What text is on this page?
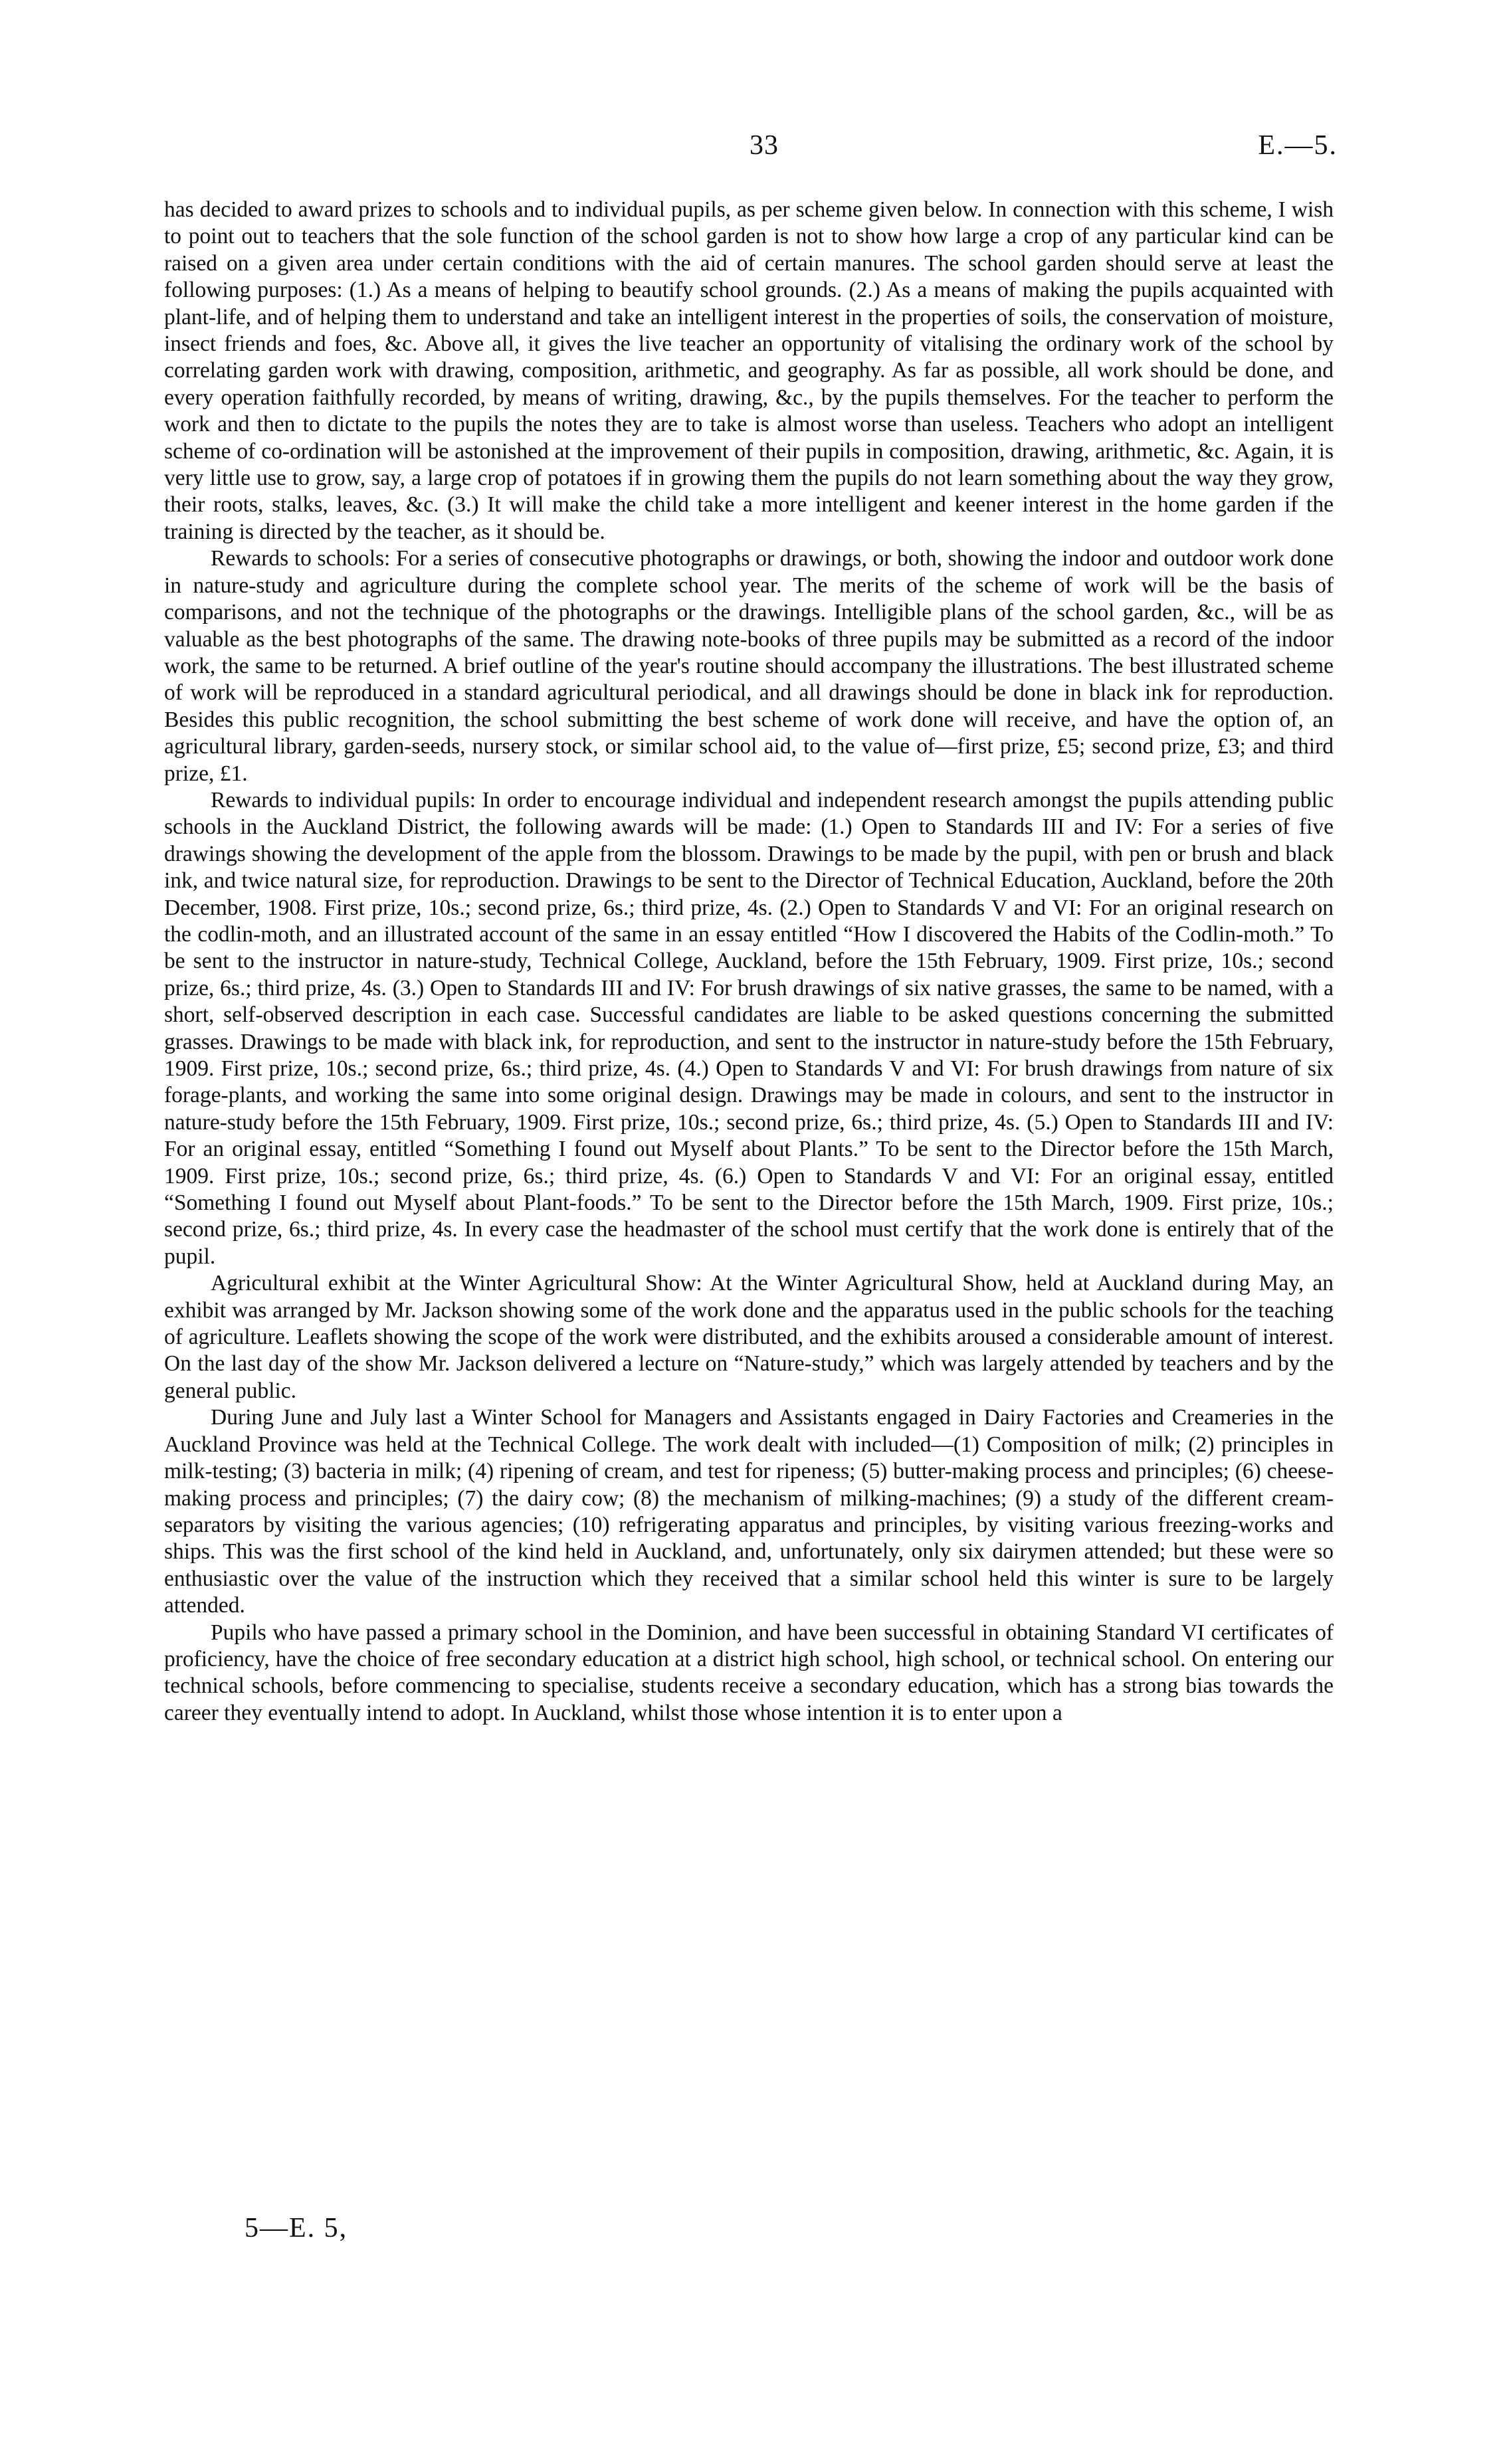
33	E.—5.

has decided to award prizes to schools and to individual pupils, as per scheme given below. In connection with this scheme, I wish to point out to teachers that the sole function of the school garden is not to show how large a crop of any particular kind can be raised on a given area under certain conditions with the aid of certain manures. The school garden should serve at least the following purposes: (1.) As a means of helping to beautify school grounds. (2.) As a means of making the pupils acquainted with plant-life, and of helping them to understand and take an intelligent interest in the properties of soils, the conservation of moisture, insect friends and foes, &c. Above all, it gives the live teacher an opportunity of vitalising the ordinary work of the school by correlating garden work with drawing, composition, arithmetic, and geography. As far as possible, all work should be done, and every operation faithfully recorded, by means of writing, drawing, &c., by the pupils themselves. For the teacher to perform the work and then to dictate to the pupils the notes they are to take is almost worse than useless. Teachers who adopt an intelligent scheme of co-ordination will be astonished at the improvement of their pupils in composition, drawing, arithmetic, &c. Again, it is very little use to grow, say, a large crop of potatoes if in growing them the pupils do not learn something about the way they grow, their roots, stalks, leaves, &c. (3.) It will make the child take a more intelligent and keener interest in the home garden if the training is directed by the teacher, as it should be.

Rewards to schools: For a series of consecutive photographs or drawings, or both, showing the indoor and outdoor work done in nature-study and agriculture during the complete school year. The merits of the scheme of work will be the basis of comparisons, and not the technique of the photographs or the drawings. Intelligible plans of the school garden, &c., will be as valuable as the best photographs of the same. The drawing note-books of three pupils may be submitted as a record of the indoor work, the same to be returned. A brief outline of the year's routine should accompany the illustrations. The best illustrated scheme of work will be reproduced in a standard agricultural periodical, and all drawings should be done in black ink for reproduction. Besides this public recognition, the school submitting the best scheme of work done will receive, and have the option of, an agricultural library, garden-seeds, nursery stock, or similar school aid, to the value of—first prize, £5; second prize, £3; and third prize, £1.

Rewards to individual pupils: In order to encourage individual and independent research amongst the pupils attending public schools in the Auckland District, the following awards will be made: (1.) Open to Standards III and IV: For a series of five drawings showing the development of the apple from the blossom. Drawings to be made by the pupil, with pen or brush and black ink, and twice natural size, for reproduction. Drawings to be sent to the Director of Technical Education, Auckland, before the 20th December, 1908. First prize, 10s.; second prize, 6s.; third prize, 4s. (2.) Open to Standards V and VI: For an original research on the codlin-moth, and an illustrated account of the same in an essay entitled “How I discovered the Habits of the Codlin-moth.” To be sent to the instructor in nature-study, Technical College, Auckland, before the 15th February, 1909. First prize, 10s.; second prize, 6s.; third prize, 4s. (3.) Open to Standards III and IV: For brush drawings of six native grasses, the same to be named, with a short, self-observed description in each case. Successful candidates are liable to be asked questions concerning the submitted grasses. Drawings to be made with black ink, for reproduction, and sent to the instructor in nature-study before the 15th February, 1909. First prize, 10s.; second prize, 6s.; third prize, 4s. (4.) Open to Standards V and VI: For brush drawings from nature of six forage-plants, and working the same into some original design. Drawings may be made in colours, and sent to the instructor in nature-study before the 15th February, 1909. First prize, 10s.; second prize, 6s.; third prize, 4s. (5.) Open to Standards III and IV: For an original essay, entitled “Something I found out Myself about Plants.” To be sent to the Director before the 15th March, 1909. First prize, 10s.; second prize, 6s.; third prize, 4s. (6.) Open to Standards V and VI: For an original essay, entitled “Something I found out Myself about Plant-foods.” To be sent to the Director before the 15th March, 1909. First prize, 10s.; second prize, 6s.; third prize, 4s. In every case the headmaster of the school must certify that the work done is entirely that of the pupil.

Agricultural exhibit at the Winter Agricultural Show: At the Winter Agricultural Show, held at Auckland during May, an exhibit was arranged by Mr. Jackson showing some of the work done and the apparatus used in the public schools for the teaching of agriculture. Leaflets showing the scope of the work were distributed, and the exhibits aroused a considerable amount of interest. On the last day of the show Mr. Jackson delivered a lecture on “Nature-study,” which was largely attended by teachers and by the general public.

During June and July last a Winter School for Managers and Assistants engaged in Dairy Factories and Creameries in the Auckland Province was held at the Technical College. The work dealt with included—(1) Composition of milk; (2) principles in milk-testing; (3) bacteria in milk; (4) ripening of cream, and test for ripeness; (5) butter-making process and principles; (6) cheese-making process and principles; (7) the dairy cow; (8) the mechanism of milking-machines; (9) a study of the different cream-separators by visiting the various agencies; (10) refrigerating apparatus and principles, by visiting various freezing-works and ships. This was the first school of the kind held in Auckland, and, unfortunately, only six dairymen attended; but these were so enthusiastic over the value of the instruction which they received that a similar school held this winter is sure to be largely attended.

Pupils who have passed a primary school in the Dominion, and have been successful in obtaining Standard VI certificates of proficiency, have the choice of free secondary education at a district high school, high school, or technical school. On entering our technical schools, before commencing to specialise, students receive a secondary education, which has a strong bias towards the career they eventually intend to adopt. In Auckland, whilst those whose intention it is to enter upon a

5—E. 5,
